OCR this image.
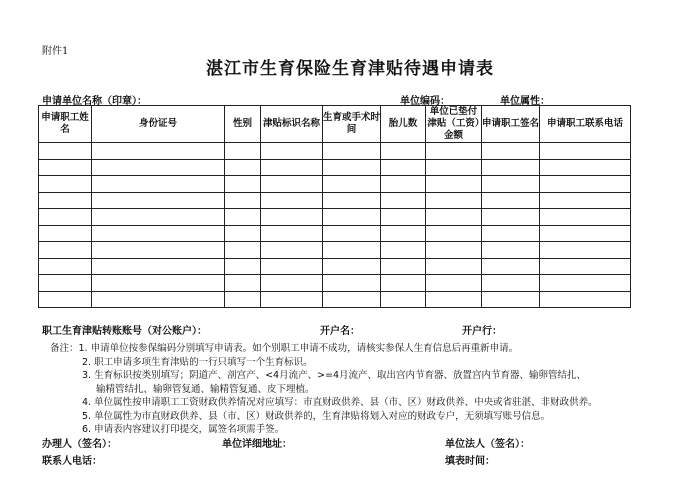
附件1
湛江市生育保险生育津贴待遇申请表
申请单位名称（印章）：	单位编码：	单位属性：
申请职工姓名	身份证号	性别	津贴标识名称	生育或手术时间	胎儿数	单位已垫付津贴（工资）金额	申请职工签名	申请职工联系电话

职工生育津贴转账账号（对公账户）：	开户名：	开户行：
备注：1. 申请单位按参保编码分别填写申请表。如个别职工申请不成功，请核实参保人生育信息后再重新申请。
2. 职工申请多项生育津贴的一行只填写一个生育标识。
3. 生育标识按类别填写；阴道产、剖宫产、<4月流产、>=4月流产、取出宫内节育器、放置宫内节育器、输卵管结扎、
输精管结扎、输卵管复通、输精管复通、皮下埋植。
4. 单位属性按申请职工工资财政供养情况对应填写：市直财政供养、县（市、区）财政供养、中央或省驻湛、非财政供养。
5. 单位属性为市直财政供养、县（市、区）财政供养的，生育津贴将划入对应的财政专户，无须填写账号信息。
6. 申请表内容建议打印提交，属签名项需手签。
办理人（签名）：	单位详细地址：	单位法人（签名）：
联系人电话：	填表时间：
